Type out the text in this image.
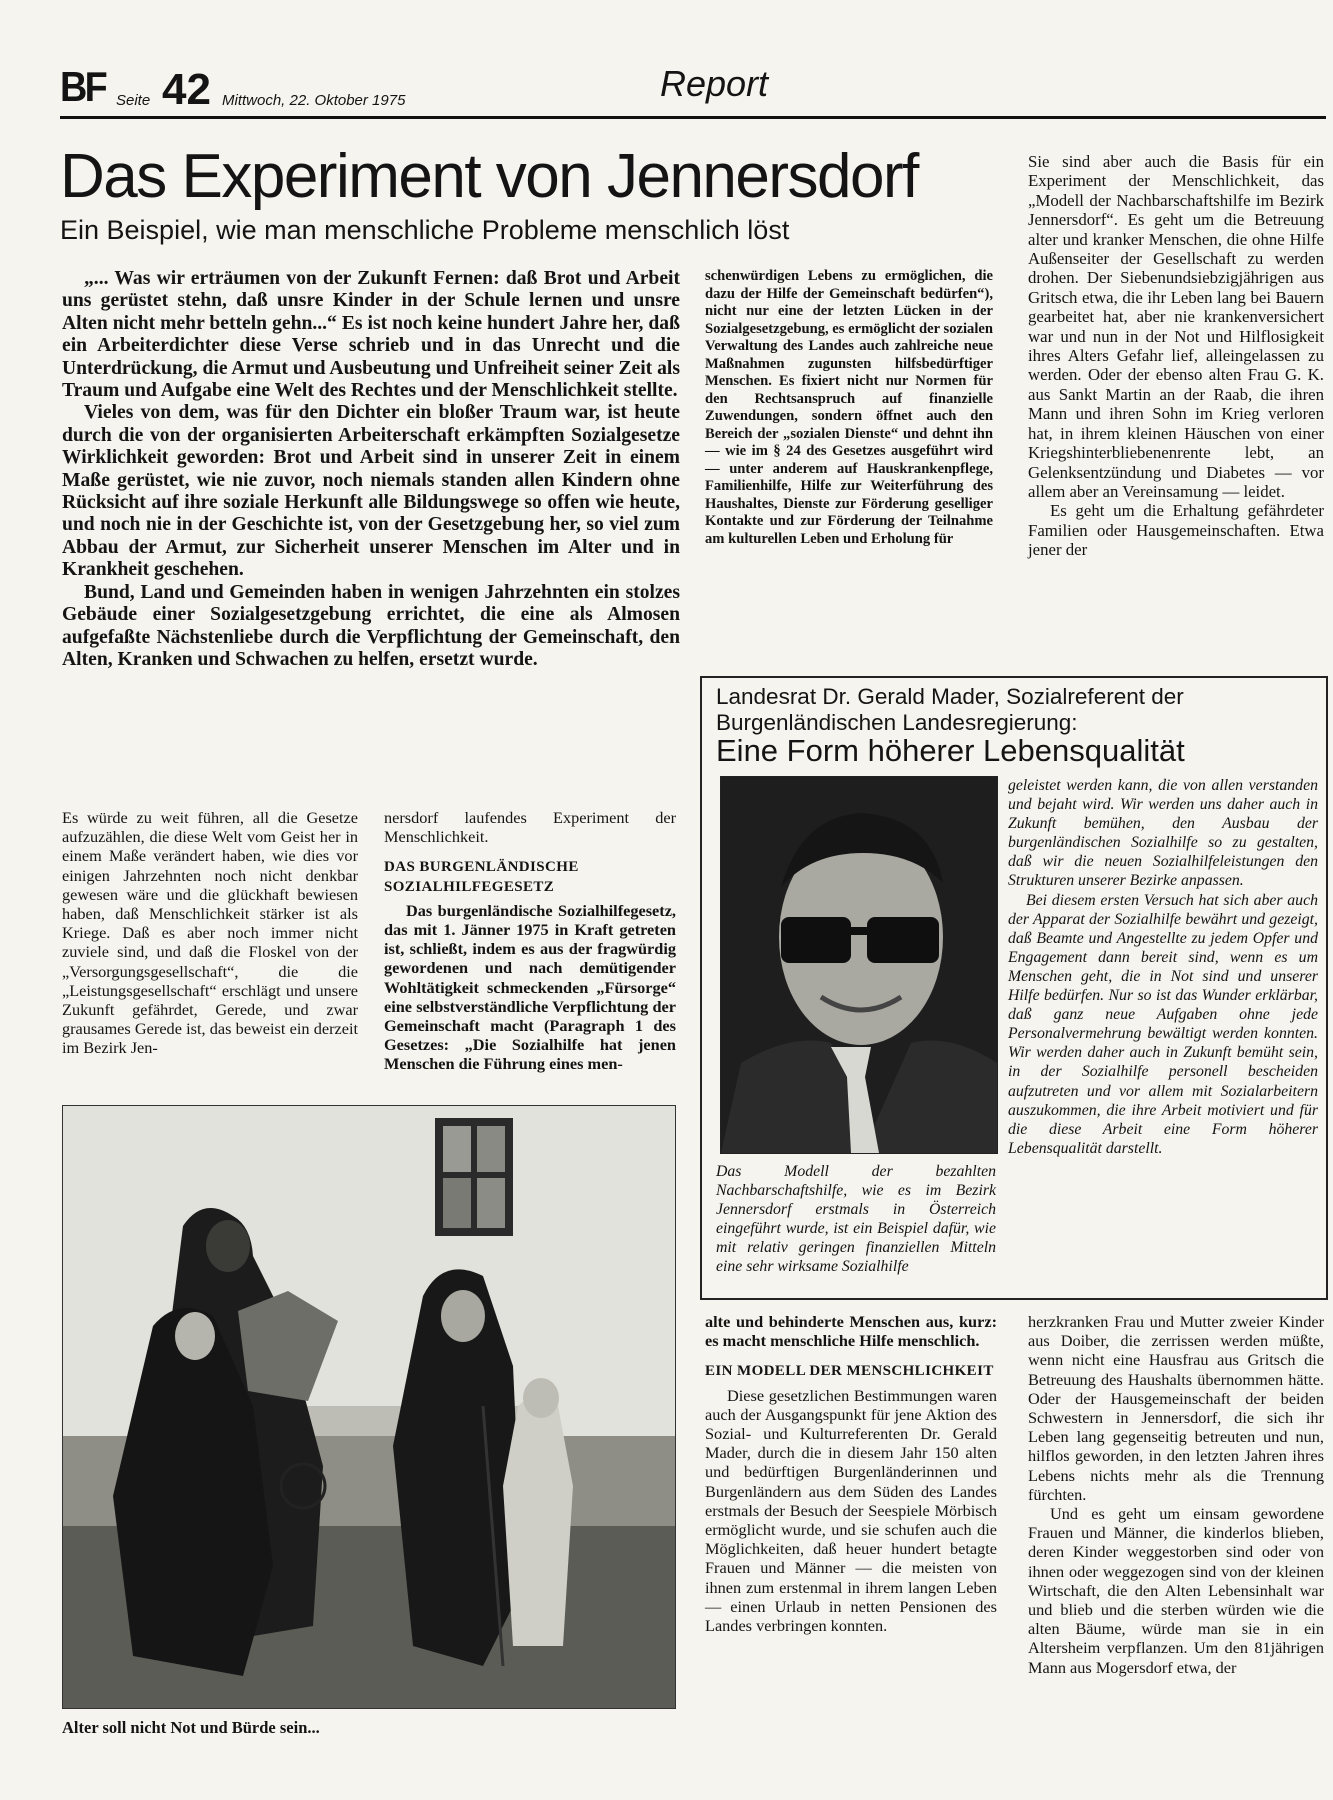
BF Seite 42 Mittwoch, 22. Oktober 1975	Report
Das Experiment von Jennersdorf
Ein Beispiel, wie man menschliche Probleme menschlich löst

„... Was wir erträumen von der Zukunft Fernen: daß Brot und Arbeit uns gerüstet stehn, daß unsre Kinder in der Schule lernen und unsre Alten nicht mehr betteln gehn...“ Es ist noch keine hundert Jahre her, daß ein Arbeiterdichter diese Verse schrieb und in das Unrecht und die Unterdrückung, die Armut und Ausbeutung und Unfreiheit seiner Zeit als Traum und Aufgabe eine Welt des Rechtes und der Menschlichkeit stellte.

Vieles von dem, was für den Dichter ein bloßer Traum war, ist heute durch die von der organisierten Arbeiterschaft erkämpften Sozialgesetze Wirklichkeit geworden: Brot und Arbeit sind in unserer Zeit in einem Maße gerüstet, wie nie zuvor, noch niemals standen allen Kindern ohne Rücksicht auf ihre soziale Herkunft alle Bildungswege so offen wie heute, und noch nie in der Geschichte ist, von der Gesetzgebung her, so viel zum Abbau der Armut, zur Sicherheit unserer Menschen im Alter und in Krankheit geschehen.

Bund, Land und Gemeinden haben in wenigen Jahrzehnten ein stolzes Gebäude einer Sozialgesetzgebung errichtet, die eine als Almosen aufgefaßte Nächstenliebe durch die Verpflichtung der Gemeinschaft, den Alten, Kranken und Schwachen zu helfen, ersetzt wurde.

schenwürdigen Lebens zu ermöglichen, die dazu der Hilfe der Gemeinschaft bedürfen“), nicht nur eine der letzten Lücken in der Sozialgesetzgebung, es ermöglicht der sozialen Verwaltung des Landes auch zahlreiche neue Maßnahmen zugunsten hilfsbedürftiger Menschen. Es fixiert nicht nur Normen für den Rechtsanspruch auf finanzielle Zuwendungen, sondern öffnet auch den Bereich der „sozialen Dienste“ und dehnt ihn — wie im § 24 des Gesetzes ausgeführt wird — unter anderem auf Hauskrankenpflege, Familienhilfe, Hilfe zur Weiterführung des Haushaltes, Dienste zur Förderung geselliger Kontakte und zur Förderung der Teilnahme am kulturellen Leben und Erholung für

Sie sind aber auch die Basis für ein Experiment der Menschlichkeit, das „Modell der Nachbarschaftshilfe im Bezirk Jennersdorf“. Es geht um die Betreuung alter und kranker Menschen, die ohne Hilfe Außenseiter der Gesellschaft zu werden drohen. Der Siebenundsiebzigjährigen aus Gritsch etwa, die ihr Leben lang bei Bauern gearbeitet hat, aber nie krankenversichert war und nun in der Not und Hilflosigkeit ihres Alters Gefahr lief, alleingelassen zu werden. Oder der ebenso alten Frau G. K. aus Sankt Martin an der Raab, die ihren Mann und ihren Sohn im Krieg verloren hat, in ihrem kleinen Häuschen von einer Kriegshinterbliebenenrente lebt, an Gelenksentzündung und Diabetes — vor allem aber an Vereinsamung — leidet.

Es geht um die Erhaltung gefährdeter Familien oder Hausgemeinschaften. Etwa jener der

Es würde zu weit führen, all die Gesetze aufzuzählen, die diese Welt vom Geist her in einem Maße verändert haben, wie dies vor einigen Jahrzehnten noch nicht denkbar gewesen wäre und die glückhaft bewiesen haben, daß Menschlichkeit stärker ist als Kriege. Daß es aber noch immer nicht zuviele sind, und daß die Floskel von der „Versorgungsgesellschaft“, die die „Leistungsgesellschaft“ erschlägt und unsere Zukunft gefährdet, Gerede, und zwar grausames Gerede ist, das beweist ein derzeit im Bezirk Jen-

nersdorf laufendes Experiment der Menschlichkeit.

DAS BURGENLÄNDISCHE SOZIALHILFEGESETZ

Das burgenländische Sozialhilfegesetz, das mit 1. Jänner 1975 in Kraft getreten ist, schließt, indem es aus der fragwürdig gewordenen und nach demütigender Wohltätigkeit schmeckenden „Fürsorge“ eine selbstverständliche Verpflichtung der Gemeinschaft macht (Paragraph 1 des Gesetzes: „Die Sozialhilfe hat jenen Menschen die Führung eines men-

Alter soll nicht Not und Bürde sein...
Landesrat Dr. Gerald Mader, Sozialreferent der Burgenländischen Landesregierung:
Eine Form höherer Lebensqualität
Das Modell der bezahlten Nachbarschaftshilfe, wie es im Bezirk Jennersdorf erstmals in Österreich eingeführt wurde, ist ein Beispiel dafür, wie mit relativ geringen finanziellen Mitteln eine sehr wirksame Sozialhilfe

geleistet werden kann, die von allen verstanden und bejaht wird. Wir werden uns daher auch in Zukunft bemühen, den Ausbau der burgenländischen Sozialhilfe so zu gestalten, daß wir die neuen Sozialhilfeleistungen den Strukturen unserer Bezirke anpassen.

Bei diesem ersten Versuch hat sich aber auch der Apparat der Sozialhilfe bewährt und gezeigt, daß Beamte und Angestellte zu jedem Opfer und Engagement dann bereit sind, wenn es um Menschen geht, die in Not sind und unserer Hilfe bedürfen. Nur so ist das Wunder erklärbar, daß ganz neue Aufgaben ohne jede Personalvermehrung bewältigt werden konnten. Wir werden daher auch in Zukunft bemüht sein, in der Sozialhilfe personell bescheiden aufzutreten und vor allem mit Sozialarbeitern auszukommen, die ihre Arbeit motiviert und für die diese Arbeit eine Form höherer Lebensqualität darstellt.

alte und behinderte Menschen aus, kurz: es macht menschliche Hilfe menschlich.

EIN MODELL DER MENSCHLICHKEIT

Diese gesetzlichen Bestimmungen waren auch der Ausgangspunkt für jene Aktion des Sozial- und Kulturreferenten Dr. Gerald Mader, durch die in diesem Jahr 150 alten und bedürftigen Burgenländerinnen und Burgenländern aus dem Süden des Landes erstmals der Besuch der Seespiele Mörbisch ermöglicht wurde, und sie schufen auch die Möglichkeiten, daß heuer hundert betagte Frauen und Männer — die meisten von ihnen zum erstenmal in ihrem langen Leben — einen Urlaub in netten Pensionen des Landes verbringen konnten.

herzkranken Frau und Mutter zweier Kinder aus Doiber, die zerrissen werden müßte, wenn nicht eine Hausfrau aus Gritsch die Betreuung des Haushalts übernommen hätte. Oder der Hausgemeinschaft der beiden Schwestern in Jennersdorf, die sich ihr Leben lang gegenseitig betreuten und nun, hilflos geworden, in den letzten Jahren ihres Lebens nichts mehr als die Trennung fürchten.

Und es geht um einsam gewordene Frauen und Männer, die kinderlos blieben, deren Kinder weggestorben sind oder von ihnen oder weggezogen sind von der kleinen Wirtschaft, die den Alten Lebensinhalt war und blieb und die sterben würden wie die alten Bäume, würde man sie in ein Altersheim verpflanzen. Um den 81jährigen Mann aus Mogersdorf etwa, der
